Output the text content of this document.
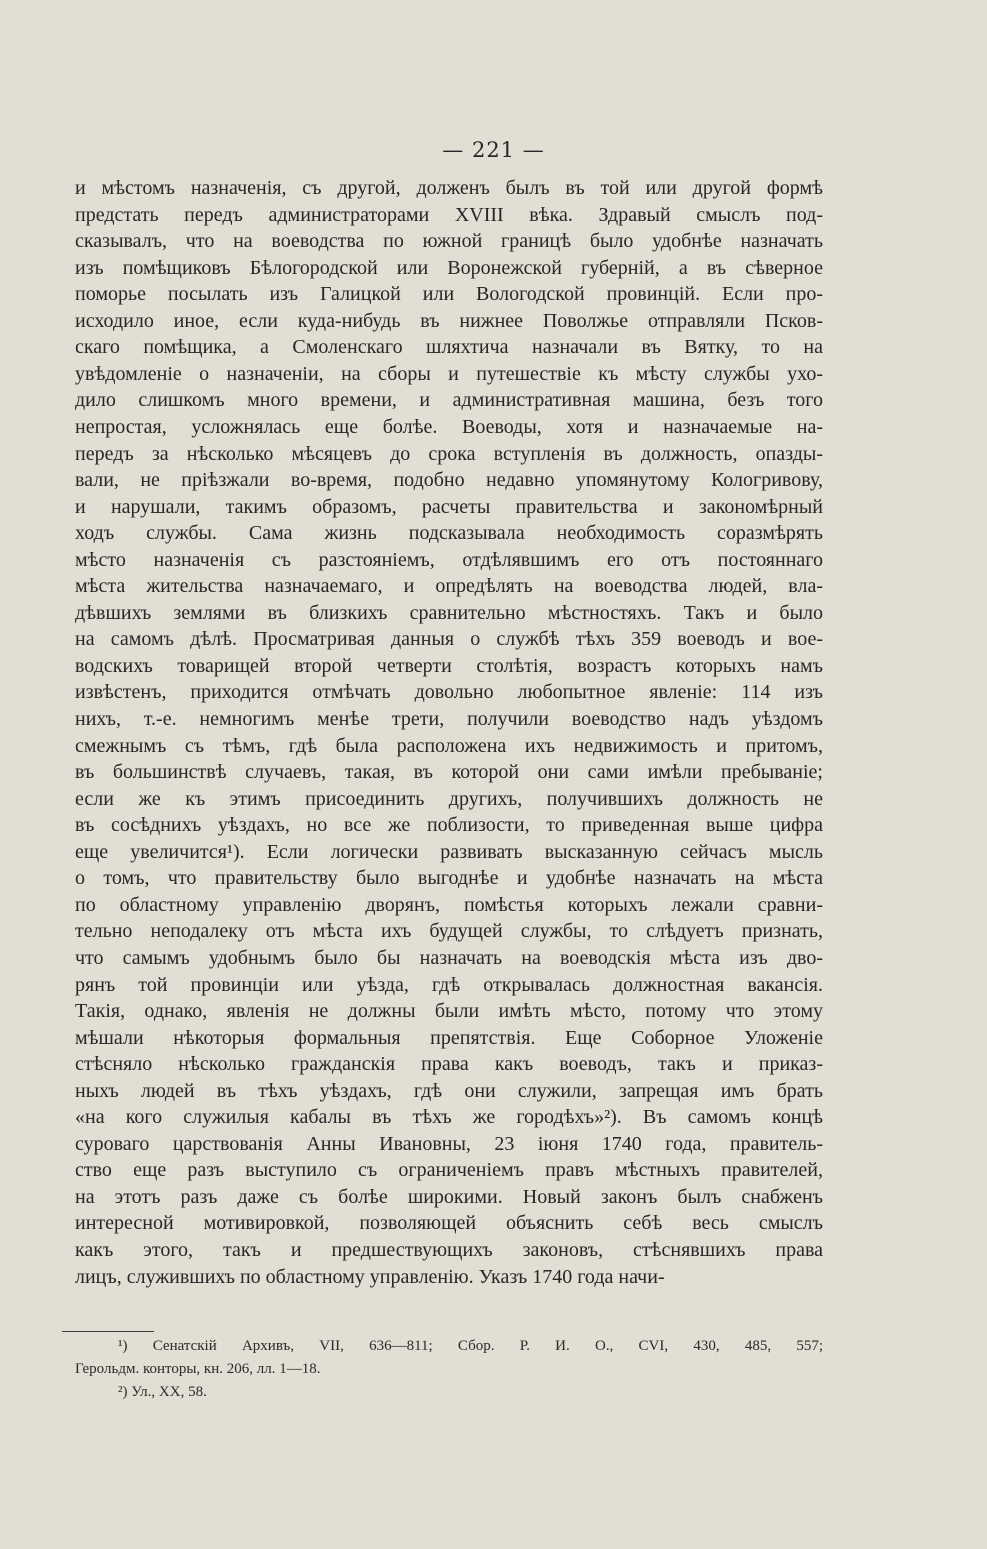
— 221 —
и мѣстомъ назначенія, съ другой, долженъ былъ въ той или другой формѣ
предстать передъ администраторами XVIII вѣка. Здравый смыслъ под-
сказывалъ, что на воеводства по южной границѣ было удобнѣе назначать
изъ помѣщиковъ Бѣлогородской или Воронежской губерній, а въ сѣверное
поморье посылать изъ Галицкой или Вологодской провинцій. Если про-
исходило иное, если куда-нибудь въ нижнее Поволжье отправляли Псков-
скаго помѣщика, а Смоленскаго шляхтича назначали въ Вятку, то на
увѣдомленіе о назначеніи, на сборы и путешествіе къ мѣсту службы ухо-
дило слишкомъ много времени, и административная машина, безъ того
непростая, усложнялась еще болѣе. Воеводы, хотя и назначаемые на-
передъ за нѣсколько мѣсяцевъ до срока вступленія въ должность, опазды-
вали, не пріѣзжали во-время, подобно недавно упомянутому Кологривову,
и нарушали, такимъ образомъ, расчеты правительства и закономѣрный
ходъ службы. Сама жизнь подсказывала необходимость соразмѣрять
мѣсто назначенія съ разстояніемъ, отдѣлявшимъ его отъ постояннаго
мѣста жительства назначаемаго, и опредѣлять на воеводства людей, вла-
дѣвшихъ землями въ близкихъ сравнительно мѣстностяхъ. Такъ и было
на самомъ дѣлѣ. Просматривая данныя о службѣ тѣхъ 359 воеводъ и вое-
водскихъ товарищей второй четверти столѣтія, возрастъ которыхъ намъ
извѣстенъ, приходится отмѣчать довольно любопытное явленіе: 114 изъ
нихъ, т.-е. немногимъ менѣе трети, получили воеводство надъ уѣздомъ
смежнымъ съ тѣмъ, гдѣ была расположена ихъ недвижимость и притомъ,
въ большинствѣ случаевъ, такая, въ которой они сами имѣли пребываніе;
если же къ этимъ присоединить другихъ, получившихъ должность не
въ сосѣднихъ уѣздахъ, но все же поблизости, то приведенная выше цифра
еще увеличится¹). Если логически развивать высказанную сейчасъ мысль
о томъ, что правительству было выгоднѣе и удобнѣе назначать на мѣста
по областному управленію дворянъ, помѣстья которыхъ лежали сравни-
тельно неподалеку отъ мѣста ихъ будущей службы, то слѣдуетъ признать,
что самымъ удобнымъ было бы назначать на воеводскія мѣста изъ дво-
рянъ той провинціи или уѣзда, гдѣ открывалась должностная вакансія.
Такія, однако, явленія не должны были имѣть мѣсто, потому что этому
мѣшали нѣкоторыя формальныя препятствія. Еще Соборное Уложеніе
стѣсняло нѣсколько гражданскія права какъ воеводъ, такъ и приказ-
ныхъ людей въ тѣхъ уѣздахъ, гдѣ они служили, запрещая имъ брать
«на кого служилыя кабалы въ тѣхъ же городѣхъ»²). Въ самомъ концѣ
суроваго царствованія Анны Ивановны, 23 іюня 1740 года, правитель-
ство еще разъ выступило съ ограниченіемъ правъ мѣстныхъ правителей,
на этотъ разъ даже съ болѣе широкими. Новый законъ былъ снабженъ
интересной мотивировкой, позволяющей объяснить себѣ весь смыслъ
какъ этого, такъ и предшествующихъ законовъ, стѣснявшихъ права
лицъ, служившихъ по областному управленію. Указъ 1740 года начи-
¹) Сенатскій Архивъ, VII, 636—811; Сбор. Р. И. О., CVI, 430, 485, 557;
Герольдм. конторы, кн. 206, лл. 1—18.
²) Ул., XX, 58.
